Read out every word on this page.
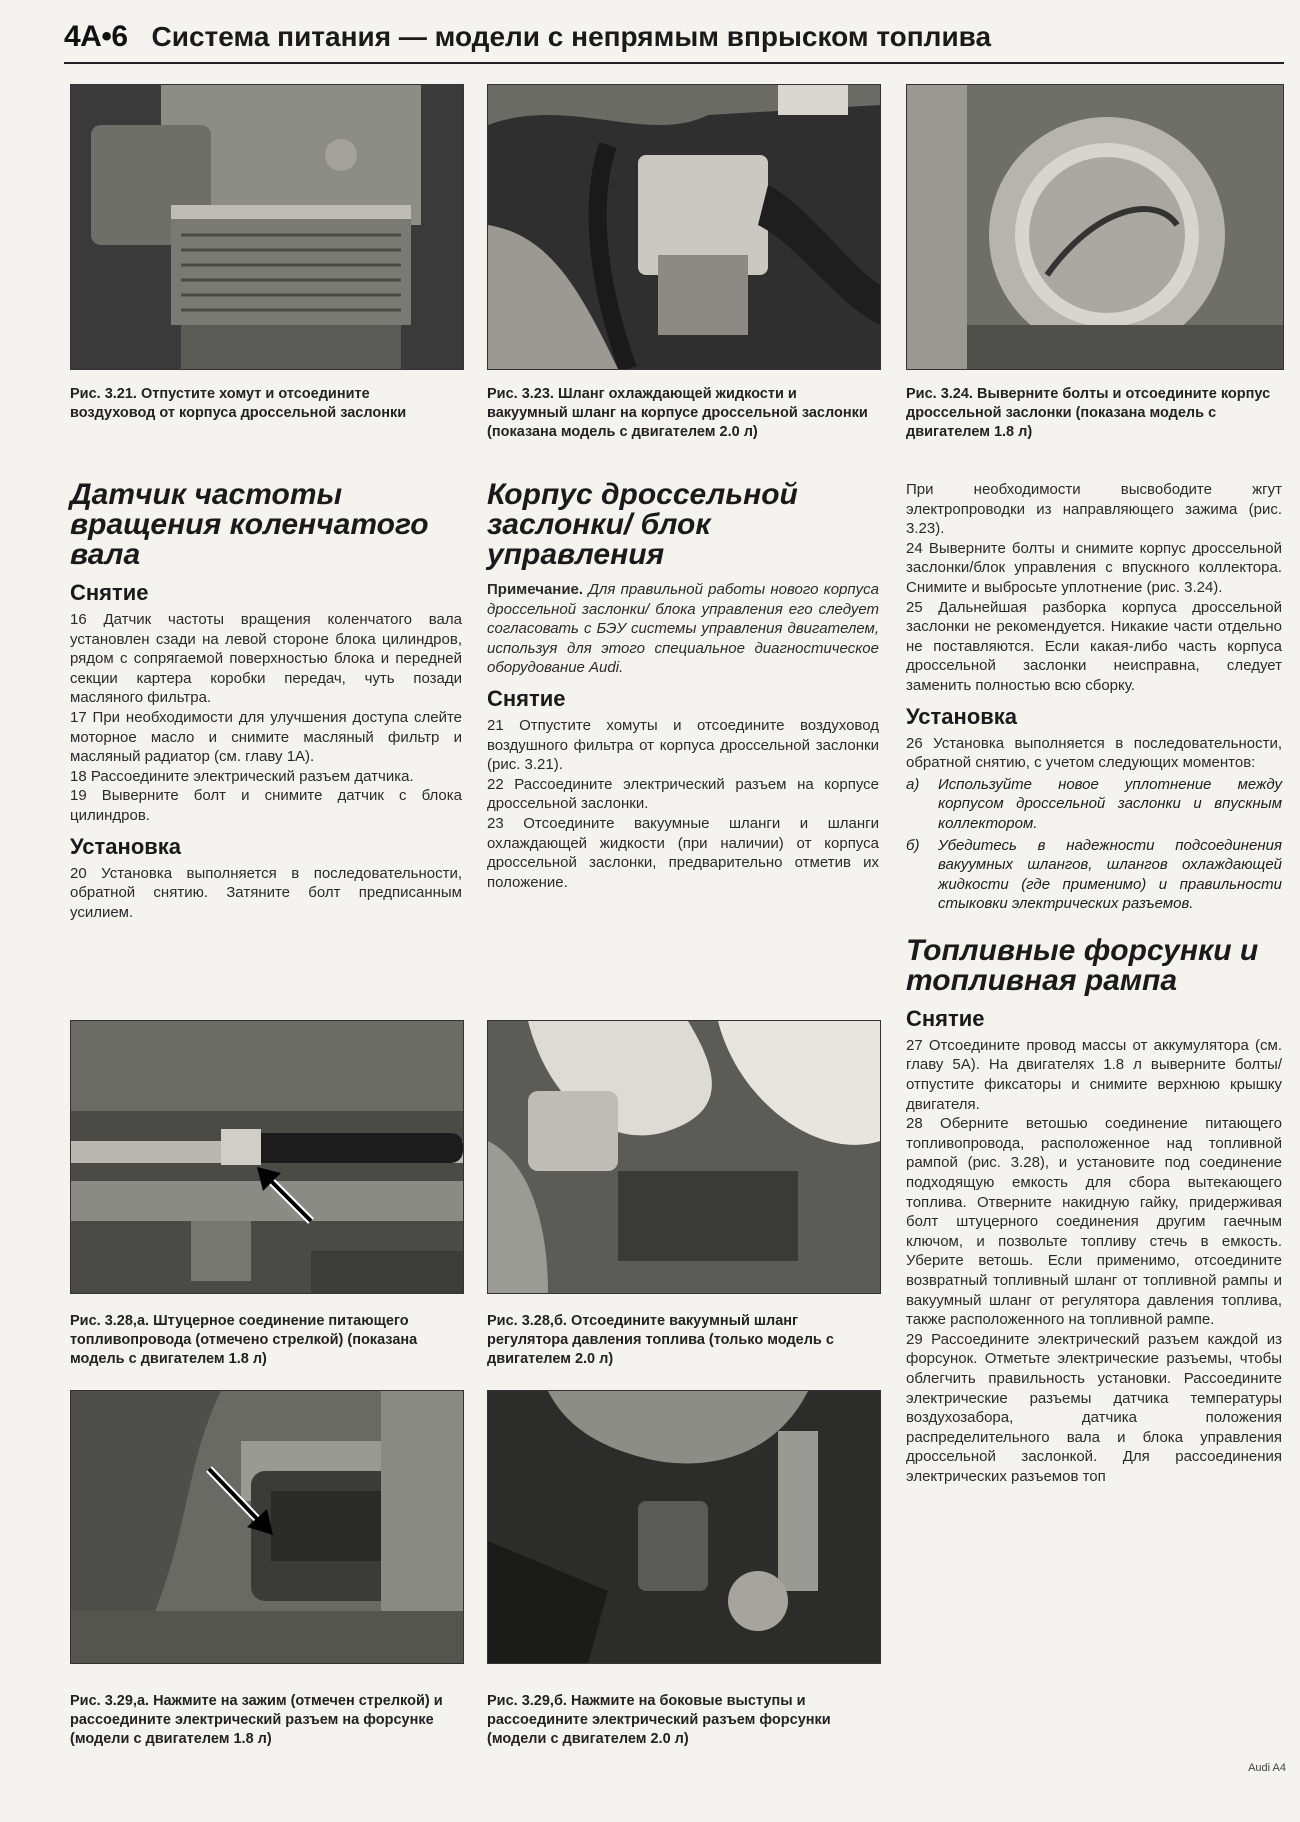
4A•6 Система питания — модели с непрямым впрыском топлива
Рис. 3.21. Отпустите хомут и отсоедините воздуховод от корпуса дроссельной заслонки
Рис. 3.23. Шланг охлаждающей жидкости и вакуумный шланг на корпусе дроссельной заслонки (показана модель с двигателем 2.0 л)
Рис. 3.24. Выверните болты и отсоедините корпус дроссельной заслонки (показана модель с двигателем 1.8 л)
Датчик частоты вращения коленчатого вала
Снятие

16 Датчик частоты вращения коленчатого вала установлен сзади на левой стороне блока цилиндров, рядом с сопрягаемой поверхностью блока и передней секции картера коробки передач, чуть позади масляного фильтра.

17 При необходимости для улучшения доступа слейте моторное масло и снимите масляный фильтр и масляный радиатор (см. главу 1А).

18 Рассоедините электрический разъем датчика.

19 Выверните болт и снимите датчик с блока цилиндров.

Установка

20 Установка выполняется в последовательности, обратной снятию. Затяните болт предписанным усилием.

Корпус дроссельной заслонки/ блок управления

Примечание. Для правильной работы нового корпуса дроссельной заслонки/ блока управления его следует согласовать с БЭУ системы управления двигателем, используя для этого специальное диагностическое оборудование Audi.

Снятие

21 Отпустите хомуты и отсоедините воздуховод воздушного фильтра от корпуса дроссельной заслонки (рис. 3.21).

22 Рассоедините электрический разъем на корпусе дроссельной заслонки.

23 Отсоедините вакуумные шланги и шланги охлаждающей жидкости (при наличии) от корпуса дроссельной заслонки, предварительно отметив их положение.

При необходимости высвободите жгут электропроводки из направляющего зажима (рис. 3.23).

24 Выверните болты и снимите корпус дроссельной заслонки/блок управления с впускного коллектора. Снимите и выбросьте уплотнение (рис. 3.24).

25 Дальнейшая разборка корпуса дроссельной заслонки не рекомендуется. Никакие части отдельно не поставляются. Если какая-либо часть корпуса дроссельной заслонки неисправна, следует заменить полностью всю сборку.

Установка

26 Установка выполняется в последовательности, обратной снятию, с учетом следующих моментов:

а)	Используйте новое уплотнение между корпусом дроссельной заслонки и впускным коллектором.
б)	Убедитесь в надежности подсоединения вакуумных шлангов, шлангов охлаждающей жидкости (где применимо) и правильности стыковки электрических разъемов.
Топливные форсунки и топливная рампа
Снятие

27 Отсоедините провод массы от аккумулятора (см. главу 5А). На двигателях 1.8 л выверните болты/отпустите фиксаторы и снимите верхнюю крышку двигателя.

28 Оберните ветошью соединение питающего топливопровода, расположенное над топливной рампой (рис. 3.28), и установите под соединение подходящую емкость для сбора вытекающего топлива. Отверните накидную гайку, придерживая болт штуцерного соединения другим гаечным ключом, и позвольте топливу стечь в емкость. Уберите ветошь. Если применимо, отсоедините возвратный топливный шланг от топливной рампы и вакуумный шланг от регулятора давления топлива, также расположенного на топливной рампе.

29 Рассоедините электрический разъем каждой из форсунок. Отметьте электрические разъемы, чтобы облегчить правильность установки. Рассоедините электрические разъемы датчика температуры воздухозабора, датчика положения распределительного вала и блока управления дроссельной заслонкой. Для рассоединения электрических разъемов топ

Рис. 3.28,а. Штуцерное соединение питающего топливопровода (отмечено стрелкой) (показана модель с двигателем 1.8 л)
Рис. 3.28,б. Отсоедините вакуумный шланг регулятора давления топлива (только модель с двигателем 2.0 л)
Рис. 3.29,а. Нажмите на зажим (отмечен стрелкой) и рассоедините электрический разъем на форсунке (модели с двигателем 1.8 л)
Рис. 3.29,б. Нажмите на боковые выступы и рассоедините электрический разъем форсунки (модели с двигателем 2.0 л)
Audi A4
